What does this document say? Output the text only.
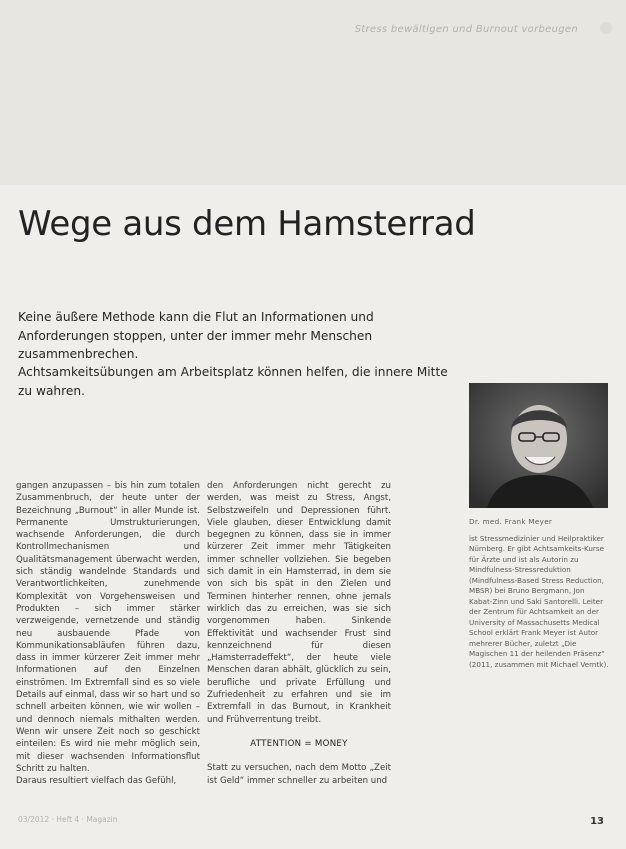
Stress bewältigen und Burnout vorbeugen
Wege aus dem Hamsterrad

Keine äußere Methode kann die Flut an Informationen und Anforderungen stoppen, unter der immer mehr Menschen zusammenbrechen.

Achtsamkeitsübungen am Arbeitsplatz können helfen, die innere Mitte zu wahren.

Dr. med. Frank Meyer

ist Stressmedizinier und Heilpraktiker Nürnberg. Er gibt Achtsamkeits-Kurse für Ärzte und ist als Autorin zu Mindfulness-Stressreduktion (Mindfulness-Based Stress Reduction, MBSR) bei Bruno Bergmann, Jon Kabat-Zinn und Saki Santorelli. Leiter der Zentrum für Achtsamkeit an der University of Massachusetts Medical School erklärt Frank Meyer ist Autor mehrerer Bücher, zuletzt „Die Magischen 11 der heilenden Präsenz“ (2011, zusammen mit Michael Verntk).

gangen anzupassen – bis hin zum totalen Zusammenbruch, der heute unter der Bezeichnung „Burnout“ in aller Munde ist. Permanente Umstrukturierungen, wachsende Anforderungen, die durch Kontrollmechanismen und Qualitätsmanagement überwacht werden, sich ständig wandelnde Standards und Verantwortlichkeiten, zunehmende Komplexität von Vorgehensweisen und Produkten – sich immer stärker verzweigende, vernetzende und ständig neu ausbauende Pfade von Kommunikationsabläufen führen dazu, dass in immer kürzerer Zeit immer mehr Informationen auf den Einzelnen einströmen. Im Extremfall sind es so viele Details auf einmal, dass wir so hart und so schnell arbeiten können, wie wir wollen – und dennoch niemals mithalten werden. Wenn wir unsere Zeit noch so geschickt einteilen: Es wird nie mehr möglich sein, mit dieser wachsenden Informationsflut Schritt zu halten.

Daraus resultiert vielfach das Gefühl,

den Anforderungen nicht gerecht zu werden, was meist zu Stress, Angst, Selbstzweifeln und Depressionen führt. Viele glauben, dieser Entwicklung damit begegnen zu können, dass sie in immer kürzerer Zeit immer mehr Tätigkeiten immer schneller vollziehen. Sie begeben sich damit in ein Hamsterrad, in dem sie von sich bis spät in den Zielen und Terminen hinterher rennen, ohne jemals wirklich das zu erreichen, was sie sich vorgenommen haben. Sinkende Effektivität und wachsender Frust sind kennzeichnend für diesen „Hamsterradeffekt“, der heute viele Menschen daran abhält, glücklich zu sein, berufliche und private Erfüllung und Zufriedenheit zu erfahren und sie im Extremfall in das Burnout, in Krankheit und Frühverrentung treibt.

ATTENTION = MONEY

Statt zu versuchen, nach dem Motto „Zeit ist Geld“ immer schneller zu arbeiten und

03/2012 · Heft 4 · Magazin	13
